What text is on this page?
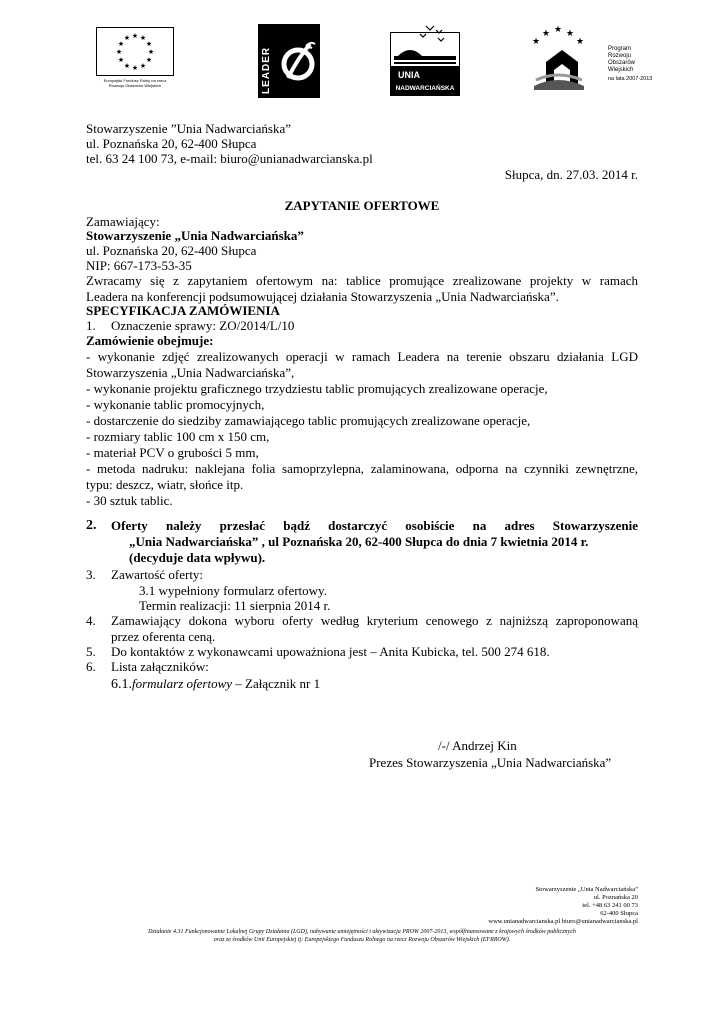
★ ★
★
★
★
★
★
★
★
★
★
★
Europejski Fundusz Rolny na rzecz
Rozwoju Obszarów Wiejskich	LEADER	UNIA
NADWARCIAŃSKA
★
★ ★ ★
★
Program
Rozwoju
Obszarów
Wiejskich
na lata 2007-2013
Stowarzyszenie ”Unia Nadwarciańska”
ul. Poznańska 20, 62-400 Słupca
tel. 63 24 100 73, e-mail: biuro@unianadwarcianska.pl
Słupca, dn. 27.03. 2014 r.
ZAPYTANIE OFERTOWE
Zamawiający:
Stowarzyszenie „Unia Nadwarciańska”
ul. Poznańska 20, 62-400 Słupca
NIP: 667-173-53-35
Zwracamy się z zapytaniem ofertowym na: tablice promujące zrealizowane projekty w ramach
Leadera na konferencji podsumowującej działania Stowarzyszenia „Unia Nadwarciańska”.
SPECYFIKACJA ZAMÓWIENIA
1. Oznaczenie sprawy: ZO/2014/L/10
Zamówienie obejmuje:
- wykonanie zdjęć zrealizowanych operacji w ramach Leadera na terenie obszaru działania LGD
Stowarzyszenia „Unia Nadwarciańska”,
- wykonanie projektu graficznego trzydziestu tablic promujących zrealizowane operacje,
- wykonanie tablic promocyjnych,
- dostarczenie do siedziby zamawiającego tablic promujących zrealizowane operacje,
- rozmiary tablic 100 cm x 150 cm,
- materiał PCV o grubości 5 mm,
- metoda nadruku: naklejana folia samoprzylepna, zalaminowana, odporna na czynniki zewnętrzne,
typu: deszcz, wiatr, słońce itp.
- 30 sztuk tablic.
2. Oferty należy przesłać bądź dostarczyć osobiście na adres Stowarzyszenie
„Unia Nadwarciańska” , ul Poznańska 20, 62-400 Słupca do dnia 7 kwietnia 2014 r.
(decyduje data wpływu).
3. Zawartość oferty:
3.1 wypełniony formularz ofertowy.
Termin realizacji: 11 sierpnia 2014 r.
4. Zamawiający dokona wyboru oferty według kryterium cenowego z najniższą zaproponowaną
przez oferenta ceną.
5. Do kontaktów z wykonawcami upoważniona jest – Anita Kubicka, tel. 500 274 618.
6. Lista załączników:
6.1.formularz ofertowy – Załącznik nr 1
/-/ Andrzej Kin
Prezes Stowarzyszenia „Unia Nadwarciańska”
Stowarzyszenie „Unia Nadwarciańska”
ul. Poznańska 20
tel. +48 63 241 00 73
62-400 Słupca
www.unianadwarcianska.pl biuro@unianadwarcianska.pl
Działanie 4.31 Funkcjonowanie Lokalnej Grupy Działania (LGD), nabywanie umiejętności i aktywizacja PROW 2007-2013, współfinansowane z krajowych środków publicznych
oraz ze środków Unii Europejskiej tj: Europejskiego Funduszu Rolnego na rzecz Rozwoju Obszarów Wiejskich (EFRROW).
